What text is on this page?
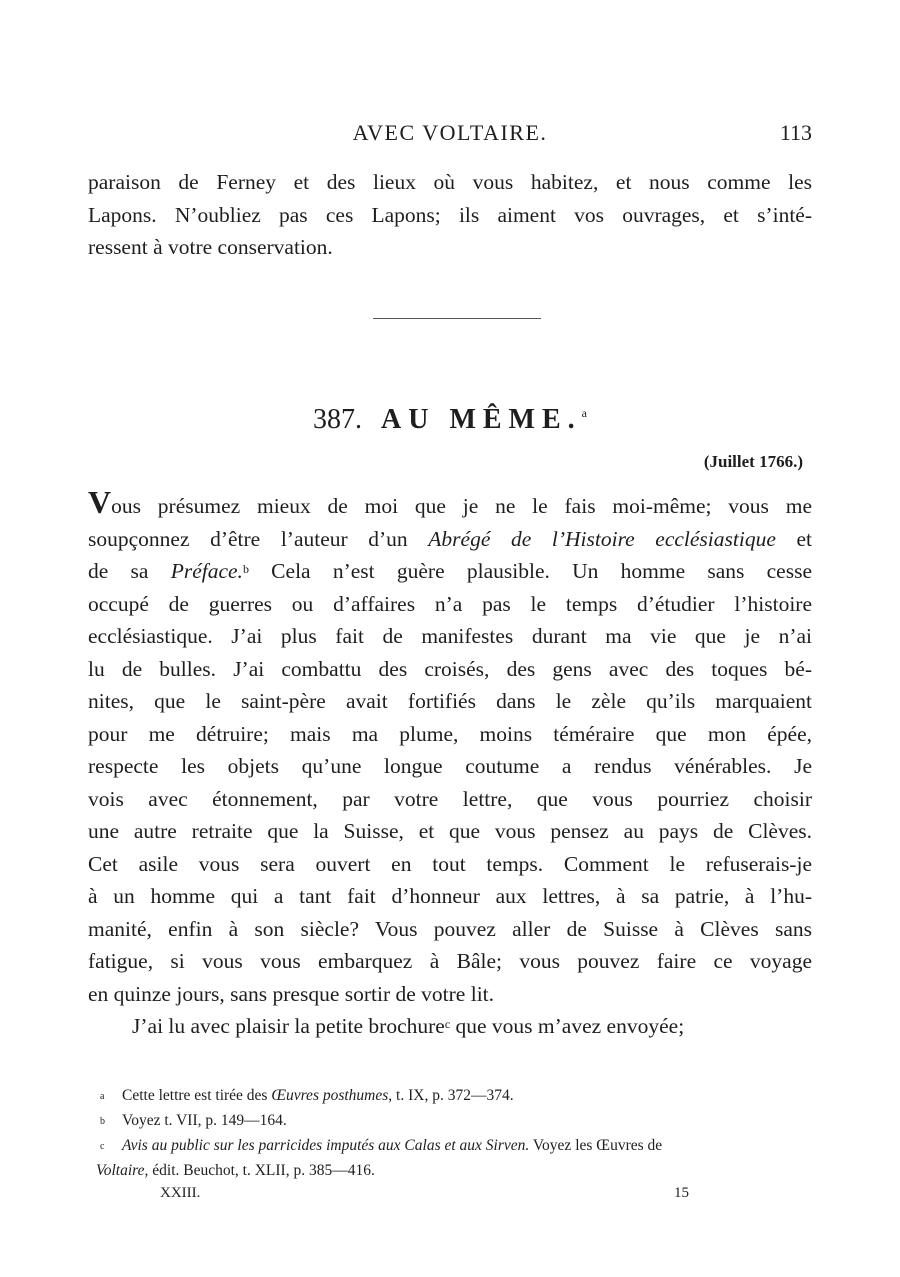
AVEC VOLTAIRE.	113
paraison de Ferney et des lieux où vous habitez, et nous comme les
Lapons. N’oubliez pas ces Lapons; ils aiment vos ouvrages, et s’inté-
ressent à votre conservation.
387. AU MÊME.$^a$
(Juillet 1766.)
Vous présumez mieux de moi que je ne le fais moi-même; vous me
soupçonnez d’être l’auteur d’un Abrégé de l’Histoire ecclésiastique et
de sa Préface.$^b$ Cela n’est guère plausible. Un homme sans cesse
occupé de guerres ou d’affaires n’a pas le temps d’étudier l’histoire
ecclésiastique. J’ai plus fait de manifestes durant ma vie que je n’ai
lu de bulles. J’ai combattu des croisés, des gens avec des toques bé-
nites, que le saint-père avait fortifiés dans le zèle qu’ils marquaient
pour me détruire; mais ma plume, moins téméraire que mon épée,
respecte les objets qu’une longue coutume a rendus vénérables. Je
vois avec étonnement, par votre lettre, que vous pourriez choisir
une autre retraite que la Suisse, et que vous pensez au pays de Clèves.
Cet asile vous sera ouvert en tout temps. Comment le refuserais-je
à un homme qui a tant fait d’honneur aux lettres, à sa patrie, à l’hu-
manité, enfin à son siècle? Vous pouvez aller de Suisse à Clèves sans
fatigue, si vous vous embarquez à Bâle; vous pouvez faire ce voyage
en quinze jours, sans presque sortir de votre lit.
J’ai lu avec plaisir la petite brochure$^c$ que vous m’avez envoyée;
a Cette lettre est tirée des Œuvres posthumes, t. IX, p. 372—374.
b Voyez t. VII, p. 149—164.
c Avis au public sur les parricides imputés aux Calas et aux Sirven. Voyez les Œuvres de
Voltaire, édit. Beuchot, t. XLII, p. 385—416.
XXIII.	15
